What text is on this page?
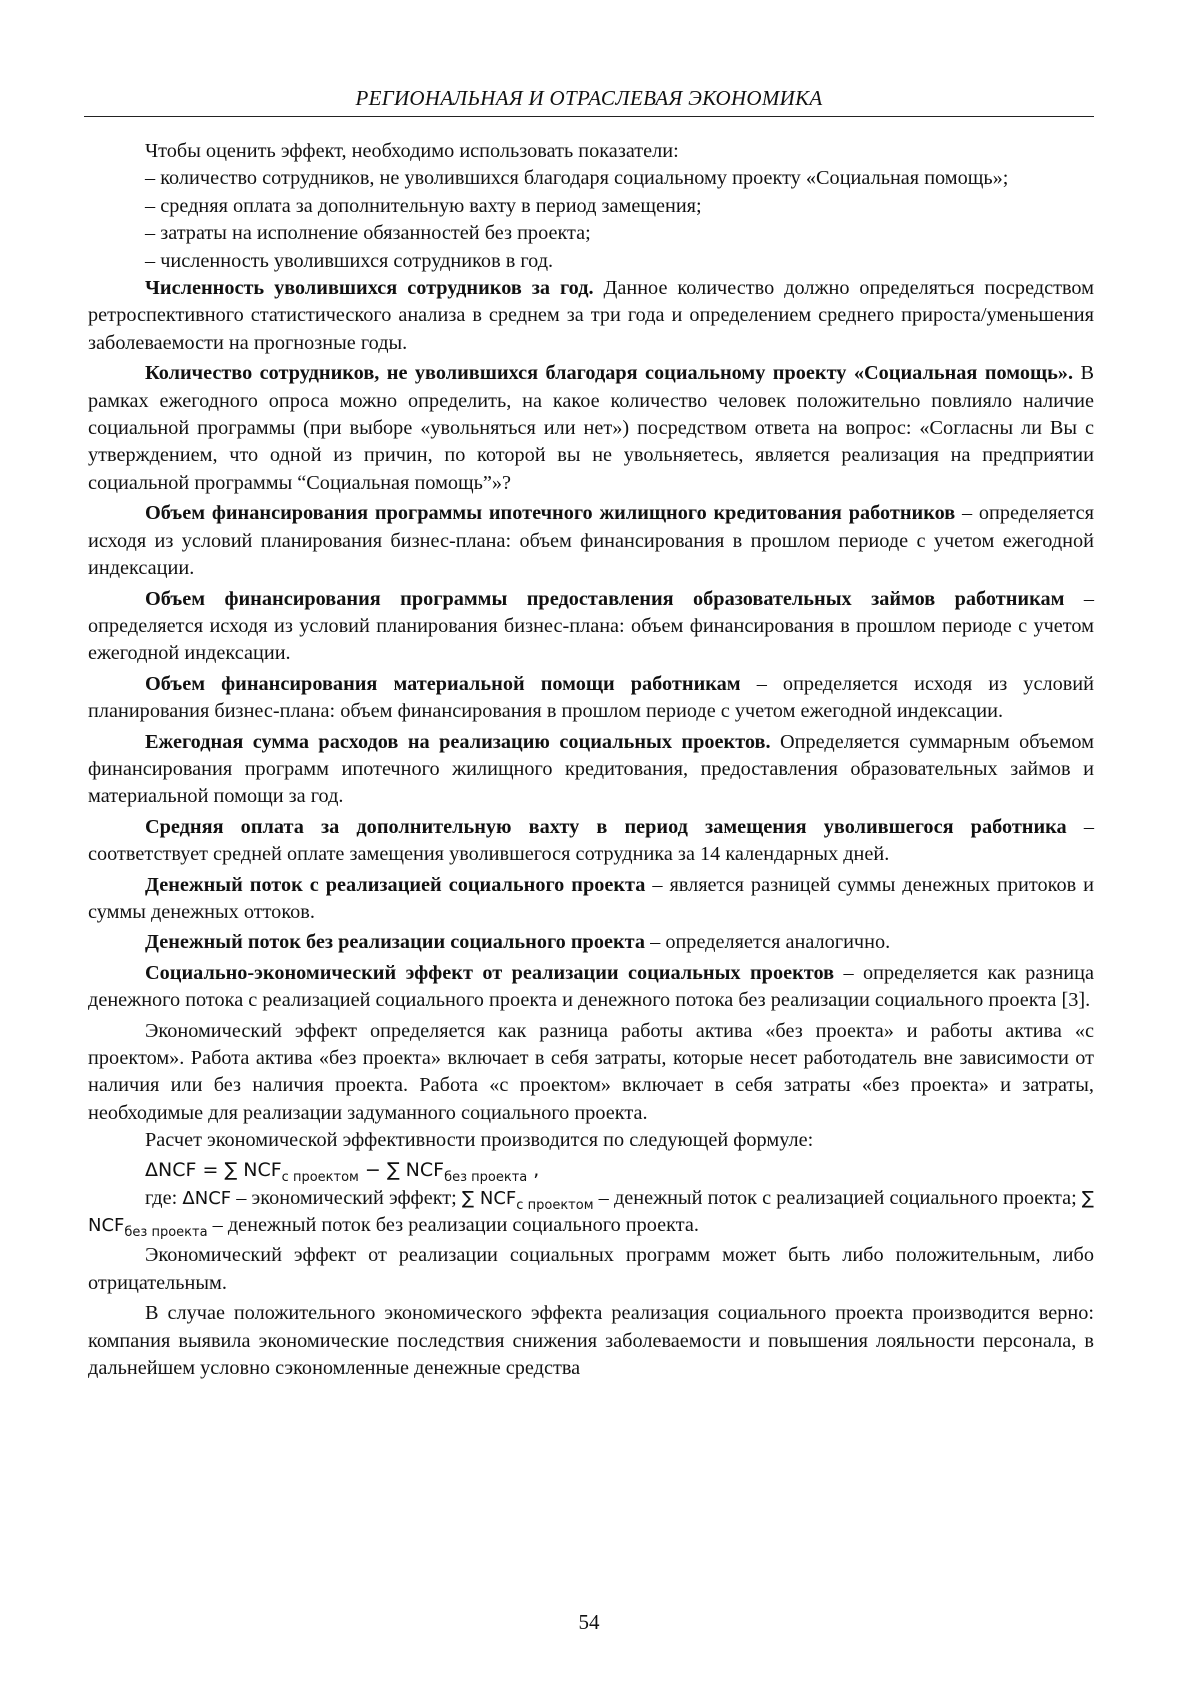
РЕГИОНАЛЬНАЯ И ОТРАСЛЕВАЯ ЭКОНОМИКА

Чтобы оценить эффект, необходимо использовать показатели:

– количество сотрудников, не уволившихся благодаря социальному проекту «Социальная помощь»;

– средняя оплата за дополнительную вахту в период замещения;

– затраты на исполнение обязанностей без проекта;

– численность уволившихся сотрудников в год.

Численность уволившихся сотрудников за год. Данное количество должно определяться посредством ретроспективного статистического анализа в среднем за три года и определением среднего прироста/уменьшения заболеваемости на прогнозные годы.

Количество сотрудников, не уволившихся благодаря социальному проекту «Социальная помощь». В рамках ежегодного опроса можно определить, на какое количество человек положительно повлияло наличие социальной программы (при выборе «увольняться или нет») посредством ответа на вопрос: «Согласны ли Вы с утверждением, что одной из причин, по которой вы не увольняетесь, является реализация на предприятии социальной программы “Социальная помощь”»?

Объем финансирования программы ипотечного жилищного кредитования работников – определяется исходя из условий планирования бизнес-плана: объем финансирования в прошлом периоде с учетом ежегодной индексации.

Объем финансирования программы предоставления образовательных займов работникам – определяется исходя из условий планирования бизнес-плана: объем финансирования в прошлом периоде с учетом ежегодной индексации.

Объем финансирования материальной помощи работникам – определяется исходя из условий планирования бизнес-плана: объем финансирования в прошлом периоде с учетом ежегодной индексации.

Ежегодная сумма расходов на реализацию социальных проектов. Определяется суммарным объемом финансирования программ ипотечного жилищного кредитования, предоставления образовательных займов и материальной помощи за год.

Средняя оплата за дополнительную вахту в период замещения уволившегося работника – соответствует средней оплате замещения уволившегося сотрудника за 14 календарных дней.

Денежный поток с реализацией социального проекта – является разницей суммы денежных притоков и суммы денежных оттоков.

Денежный поток без реализации социального проекта – определяется аналогично.

Социально-экономический эффект от реализации социальных проектов – определяется как разница денежного потока с реализацией социального проекта и денежного потока без реализации социального проекта [3].

Экономический эффект определяется как разница работы актива «без проекта» и работы актива «с проектом». Работа актива «без проекта» включает в себя затраты, которые несет работодатель вне зависимости от наличия или без наличия проекта. Работа «с проектом» включает в себя затраты «без проекта» и затраты, необходимые для реализации задуманного социального проекта.

Расчет экономической эффективности производится по следующей формуле:

ΔNCF = ∑ NCFс проектом − ∑ NCFбез проекта ,

где: ΔNCF – экономический эффект; ∑ NCFс проектом – денежный поток с реализацией социального проекта; ∑ NCFбез проекта – денежный поток без реализации социального проекта.

Экономический эффект от реализации социальных программ может быть либо положительным, либо отрицательным.

В случае положительного экономического эффекта реализация социального проекта производится верно: компания выявила экономические последствия снижения заболеваемости и повышения лояльности персонала, в дальнейшем условно сэкономленные денежные средства

54
